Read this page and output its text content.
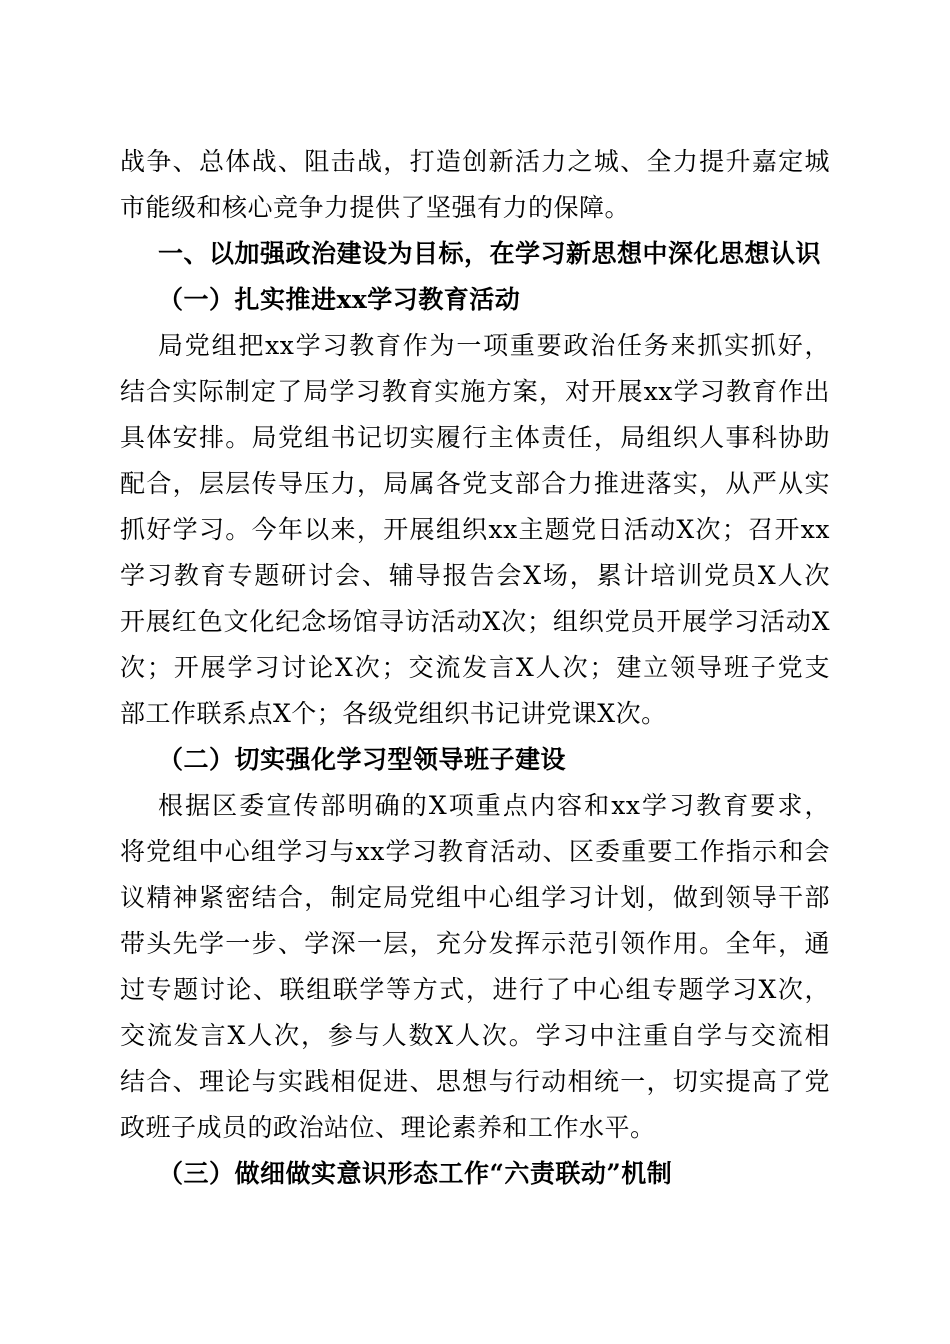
战争、总体战、阻击战，打造创新活力之城、全力提升嘉定城
市能级和核心竞争力提供了坚强有力的保障。
一、以加强政治建设为目标，在学习新思想中深化思想认识
（一）扎实推进xx学习教育活动
局党组把xx学习教育作为一项重要政治任务来抓实抓好，
结合实际制定了局学习教育实施方案，对开展xx学习教育作出
具体安排。局党组书记切实履行主体责任，局组织人事科协助
配合，层层传导压力，局属各党支部合力推进落实，从严从实
抓好学习。今年以来，开展组织xx主题党日活动X次；召开xx
学习教育专题研讨会、辅导报告会X场，累计培训党员X人次
开展红色文化纪念场馆寻访活动X次；组织党员开展学习活动X
次；开展学习讨论X次；交流发言X人次；建立领导班子党支
部工作联系点X个；各级党组织书记讲党课X次。
（二）切实强化学习型领导班子建设
根据区委宣传部明确的X项重点内容和xx学习教育要求，
将党组中心组学习与xx学习教育活动、区委重要工作指示和会
议精神紧密结合，制定局党组中心组学习计划，做到领导干部
带头先学一步、学深一层，充分发挥示范引领作用。全年，通
过专题讨论、联组联学等方式，进行了中心组专题学习X次，
交流发言X人次，参与人数X人次。学习中注重自学与交流相
结合、理论与实践相促进、思想与行动相统一，切实提高了党
政班子成员的政治站位、理论素养和工作水平。
（三）做细做实意识形态工作“六责联动”机制
